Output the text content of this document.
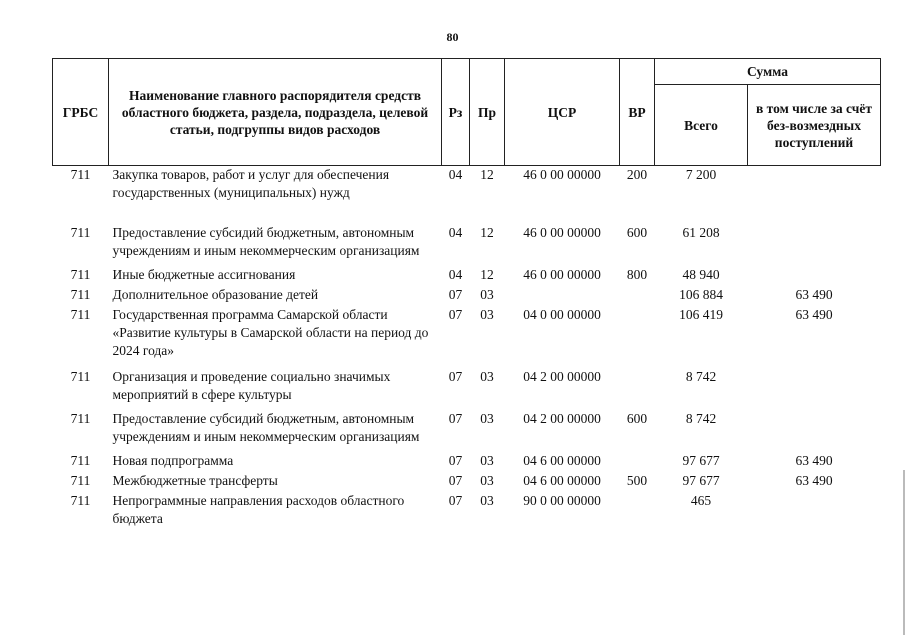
80
ГРБС	Наименование главного распорядителя средств областного бюджета, раздела, подраздела, целевой статьи, подгруппы видов расходов	Рз	Пр	ЦСР	ВР	Сумма	
						Всего	в том числе за счёт без-возмездных поступлений
711	Закупка товаров, работ и услуг для обеспечения государственных (муниципальных) нужд	04	12	46 0 00 00000	200	7 200	
711	Предоставление субсидий бюджетным, автономным учреждениям и иным некоммерческим организациям	04	12	46 0 00 00000	600	61 208	
711	Иные бюджетные ассигнования	04	12	46 0 00 00000	800	48 940	
711	Дополнительное образование детей	07	03			106 884	63 490
711	Государственная программа Самарской области «Развитие культуры в Самарской области на период до 2024 года»	07	03	04 0 00 00000		106 419	63 490
711	Организация и проведение социально значимых мероприятий в сфере культуры	07	03	04 2 00 00000		8 742	
711	Предоставление субсидий бюджетным, автономным учреждениям и иным некоммерческим организациям	07	03	04 2 00 00000	600	8 742	
711	Новая подпрограмма	07	03	04 6 00 00000		97 677	63 490
711	Межбюджетные трансферты	07	03	04 6 00 00000	500	97 677	63 490
711	Непрограммные направления расходов областного бюджета	07	03	90 0 00 00000		465	
